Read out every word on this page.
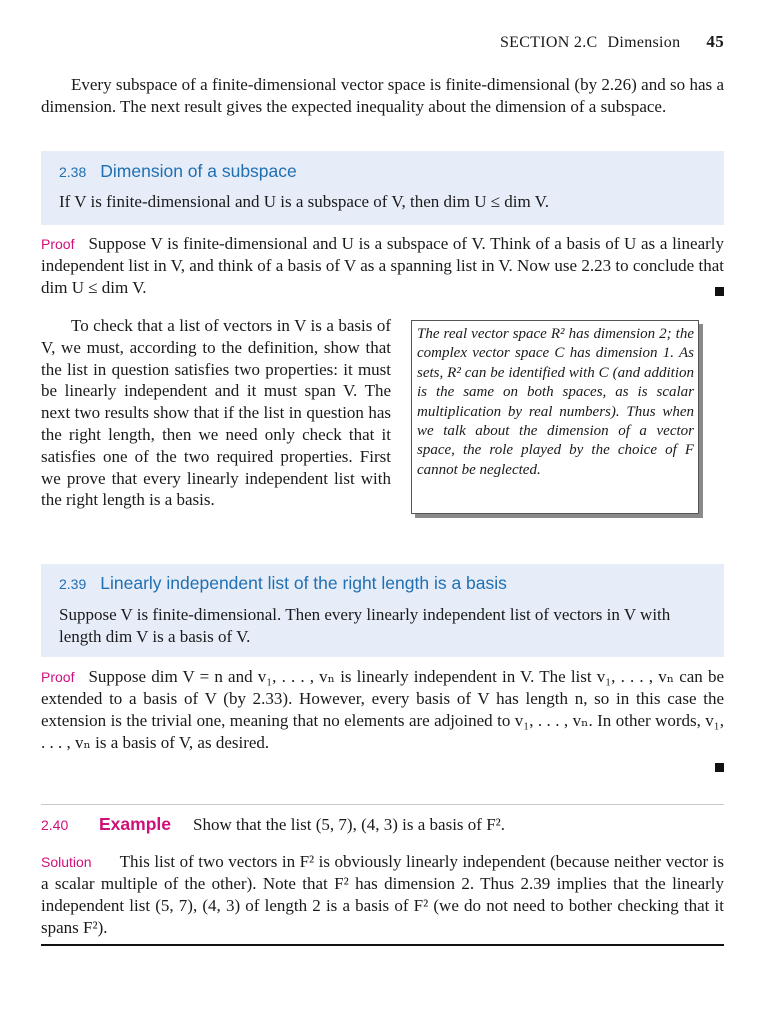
SECTION 2.C Dimension 45
Every subspace of a finite-dimensional vector space is finite-dimensional (by 2.26) and so has a dimension. The next result gives the expected inequality about the dimension of a subspace.
2.38 Dimension of a subspace
If V is finite-dimensional and U is a subspace of V, then dim U ≤ dim V.
Proof Suppose V is finite-dimensional and U is a subspace of V. Think of a basis of U as a linearly independent list in V, and think of a basis of V as a spanning list in V. Now use 2.23 to conclude that dim U ≤ dim V.
To check that a list of vectors in V is a basis of V, we must, according to the definition, show that the list in question satisfies two properties: it must be linearly independent and it must span V. The next two results show that if the list in question has the right length, then we need only check that it satisfies one of the two required properties. First we prove that every linearly independent list with the right length is a basis.
The real vector space R² has dimension 2; the complex vector space C has dimension 1. As sets, R² can be identified with C (and addition is the same on both spaces, as is scalar multiplication by real numbers). Thus when we talk about the dimension of a vector space, the role played by the choice of F cannot be neglected.
2.39 Linearly independent list of the right length is a basis
Suppose V is finite-dimensional. Then every linearly independent list of vectors in V with length dim V is a basis of V.
Proof Suppose dim V = n and v₁, . . . , vₙ is linearly independent in V. The list v₁, . . . , vₙ can be extended to a basis of V (by 2.33). However, every basis of V has length n, so in this case the extension is the trivial one, meaning that no elements are adjoined to v₁, . . . , vₙ. In other words, v₁, . . . , vₙ is a basis of V, as desired.
2.40 Example Show that the list (5, 7), (4, 3) is a basis of F².
Solution This list of two vectors in F² is obviously linearly independent (because neither vector is a scalar multiple of the other). Note that F² has dimension 2. Thus 2.39 implies that the linearly independent list (5, 7), (4, 3) of length 2 is a basis of F² (we do not need to bother checking that it spans F²).
